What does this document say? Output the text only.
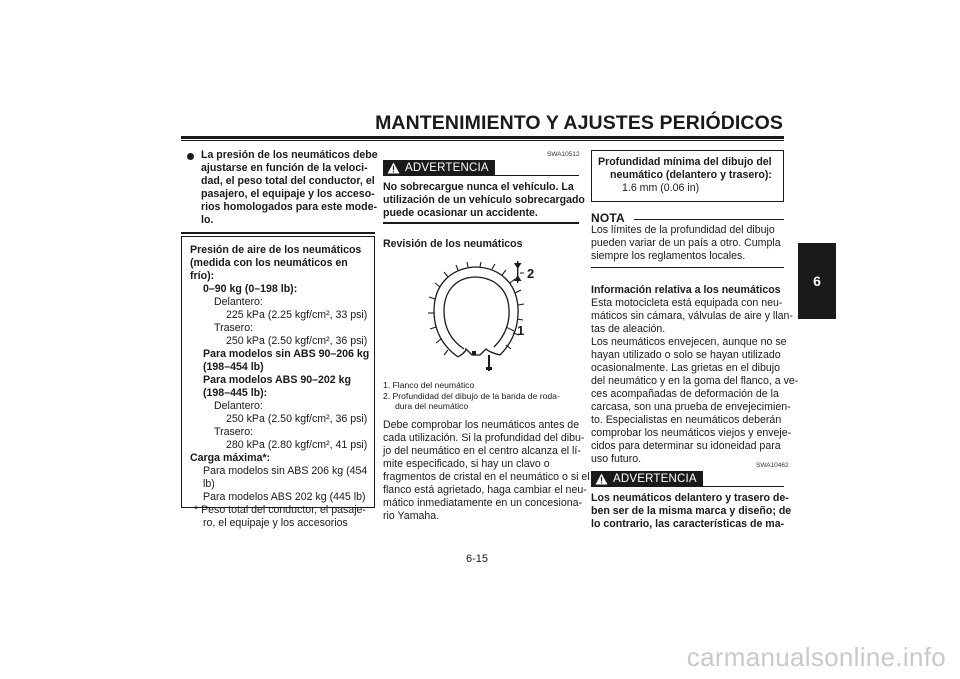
MANTENIMIENTO Y AJUSTES PERIÓDICOS
6
La presión de los neumáticos debe
ajustarse en función de la veloci-
dad, el peso total del conductor, el
pasajero, el equipaje y los acceso-
rios homologados para este mode-
lo.
Presión de aire de los neumáticos
(medida con los neumáticos en
frío):
0–90 kg (0–198 lb):
Delantero:
225 kPa (2.25 kgf/cm², 33 psi)
Trasero:
250 kPa (2.50 kgf/cm², 36 psi)
Para modelos sin ABS 90–206 kg
(198–454 lb)
Para modelos ABS 90–202 kg
(198–445 lb):
Delantero:
250 kPa (2.50 kgf/cm², 36 psi)
Trasero:
280 kPa (2.80 kgf/cm², 41 psi)
Carga máxima*:
Para modelos sin ABS 206 kg (454
lb)
Para modelos ABS 202 kg (445 lb)
* Peso total del conductor, el pasaje-
ro, el equipaje y los accesorios
SWA10512
ADVERTENCIA
No sobrecargue nunca el vehículo. La
utilización de un vehículo sobrecargado
puede ocasionar un accidente.
Revisión de los neumáticos
2
1
1. Flanco del neumático
2. Profundidad del dibujo de la banda de roda-
dura del neumático
Debe comprobar los neumáticos antes de
cada utilización. Si la profundidad del dibu-
jo del neumático en el centro alcanza el lí-
mite especificado, si hay un clavo o
fragmentos de cristal en el neumático o si el
flanco está agrietado, haga cambiar el neu-
mático inmediatamente en un concesiona-
rio Yamaha.
Profundidad mínima del dibujo del
neumático (delantero y trasero):
1.6 mm (0.06 in)
NOTA
Los límites de la profundidad del dibujo
pueden variar de un país a otro. Cumpla
siempre los reglamentos locales.
Información relativa a los neumáticos
Esta motocicleta está equipada con neu-
máticos sin cámara, válvulas de aire y llan-
tas de aleación.
Los neumáticos envejecen, aunque no se
hayan utilizado o solo se hayan utilizado
ocasionalmente. Las grietas en el dibujo
del neumático y en la goma del flanco, a ve-
ces acompañadas de deformación de la
carcasa, son una prueba de envejecimien-
to. Especialistas en neumáticos deberán
comprobar los neumáticos viejos y enveje-
cidos para determinar su idoneidad para
uso futuro.
SWA10462
ADVERTENCIA
Los neumáticos delantero y trasero de-
ben ser de la misma marca y diseño; de
lo contrario, las características de ma-
6-15
carmanualsonline.info
